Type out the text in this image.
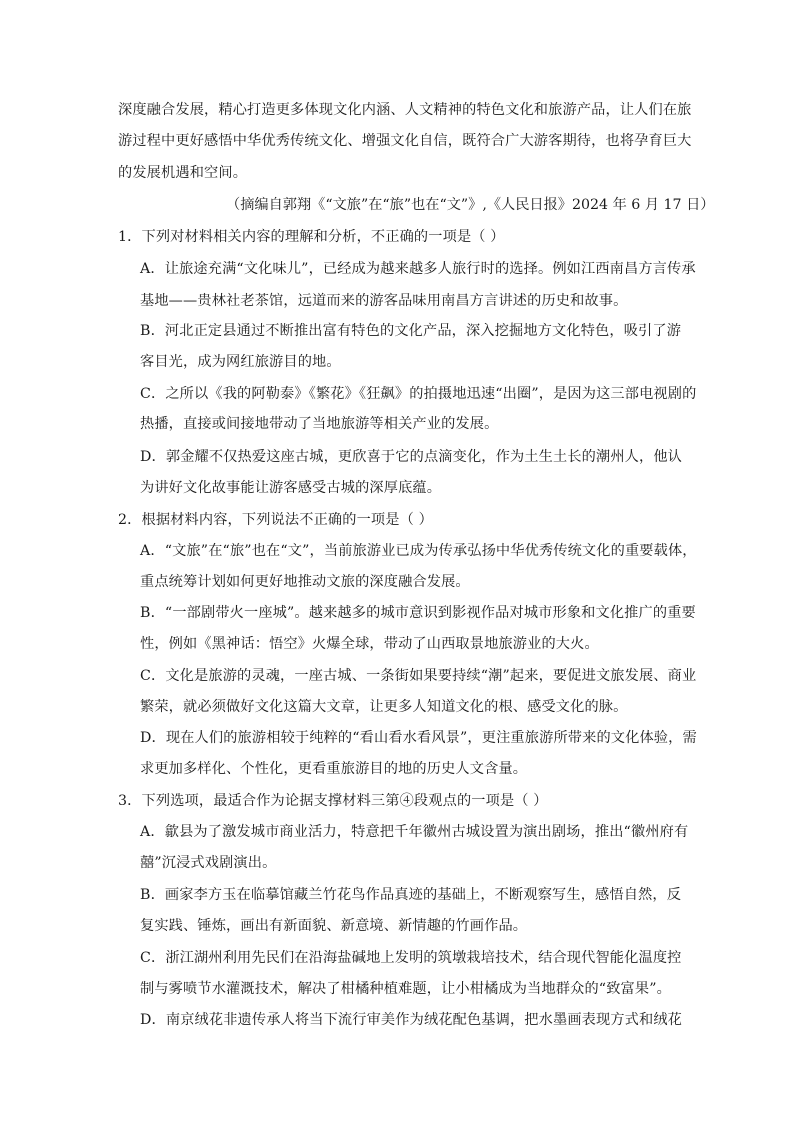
深度融合发展，精心打造更多体现文化内涵、人文精神的特色文化和旅游产品，让人们在旅
游过程中更好感悟中华优秀传统文化、增强文化自信，既符合广大游客期待，也将孕育巨大
的发展机遇和空间。
（摘编自郭翔《“文旅”在“旅”也在“文”》,《人民日报》2024 年 6 月 17 日）
1．下列对材料相关内容的理解和分析，不正确的一项是（ ）
A．让旅途充满“文化味儿”，已经成为越来越多人旅行时的选择。例如江西南昌方言传承
基地——贵林社老茶馆，远道而来的游客品味用南昌方言讲述的历史和故事。
B．河北正定县通过不断推出富有特色的文化产品，深入挖掘地方文化特色，吸引了游
客目光，成为网红旅游目的地。
C．之所以《我的阿勒泰》《繁花》《狂飙》的拍摄地迅速“出圈”，是因为这三部电视剧的
热播，直接或间接地带动了当地旅游等相关产业的发展。
D．郭金耀不仅热爱这座古城，更欣喜于它的点滴变化，作为土生土长的潮州人，他认
为讲好文化故事能让游客感受古城的深厚底蕴。
2．根据材料内容，下列说法不正确的一项是（ ）
A．“文旅”在“旅”也在“文”，当前旅游业已成为传承弘扬中华优秀传统文化的重要载体，
重点统筹计划如何更好地推动文旅的深度融合发展。
B．“一部剧带火一座城”。越来越多的城市意识到影视作品对城市形象和文化推广的重要
性，例如《黑神话：悟空》火爆全球，带动了山西取景地旅游业的大火。
C．文化是旅游的灵魂，一座古城、一条街如果要持续“潮”起来，要促进文旅发展、商业
繁荣，就必须做好文化这篇大文章，让更多人知道文化的根、感受文化的脉。
D．现在人们的旅游相较于纯粹的“看山看水看风景”，更注重旅游所带来的文化体验，需
求更加多样化、个性化，更看重旅游目的地的历史人文含量。
3．下列选项，最适合作为论据支撑材料三第④段观点的一项是（ ）
A．歙县为了激发城市商业活力，特意把千年徽州古城设置为演出剧场，推出“徽州府有
囍”沉浸式戏剧演出。
B．画家李方玉在临摹馆藏兰竹花鸟作品真迹的基础上，不断观察写生，感悟自然，反
复实践、锤炼，画出有新面貌、新意境、新情趣的竹画作品。
C．浙江湖州利用先民们在沿海盐碱地上发明的筑墩栽培技术，结合现代智能化温度控
制与雾喷节水灌溉技术，解决了柑橘种植难题，让小柑橘成为当地群众的“致富果”。
D．南京绒花非遗传承人将当下流行审美作为绒花配色基调，把水墨画表现方式和绒花
